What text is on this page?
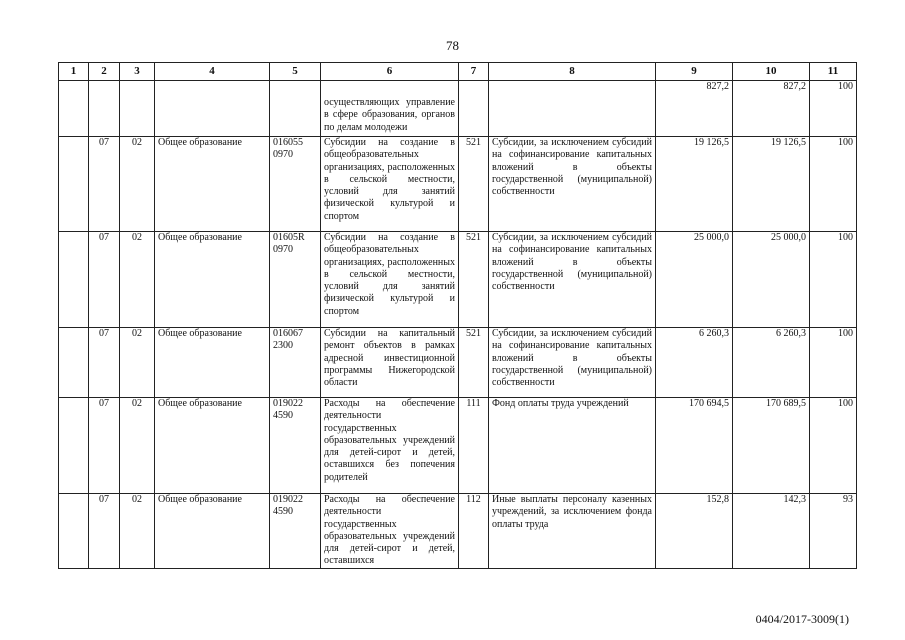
78
1	2	3	4	5	6	7	8	9	10	11
					осуществляющих управление в сфере образования, органов по делам молодежи			827,2	827,2	100
	07	02	Общее образование	016055 0970	Субсидии на создание в общеобразовательных организациях, расположенных в сельской местности, условий для занятий физической культурой и спортом	521	Субсидии, за исключением субсидий на софинансирование капитальных вложений в объекты государственной (муниципальной) собственности	19 126,5	19 126,5	100
	07	02	Общее образование	01605R 0970	Субсидии на создание в общеобразовательных организациях, расположенных в сельской местности, условий для занятий физической культурой и спортом	521	Субсидии, за исключением субсидий на софинансирование капитальных вложений в объекты государственной (муниципальной) собственности	25 000,0	25 000,0	100
	07	02	Общее образование	016067 2300	Субсидии на капитальный ремонт объектов в рамках адресной инвестиционной программы Нижегородской области	521	Субсидии, за исключением субсидий на софинансирование капитальных вложений в объекты государственной (муниципальной) собственности	6 260,3	6 260,3	100
	07	02	Общее образование	019022 4590	Расходы на обеспечение деятельности государственных образовательных учреждений для детей-сирот и детей, оставшихся без попечения родителей	111	Фонд оплаты труда учреждений	170 694,5	170 689,5	100
	07	02	Общее образование	019022 4590	Расходы на обеспечение деятельности государственных образовательных учреждений для детей-сирот и детей, оставшихся	112	Иные выплаты персоналу казенных учреждений, за исключением фонда оплаты труда	152,8	142,3	93
0404/2017-3009(1)
